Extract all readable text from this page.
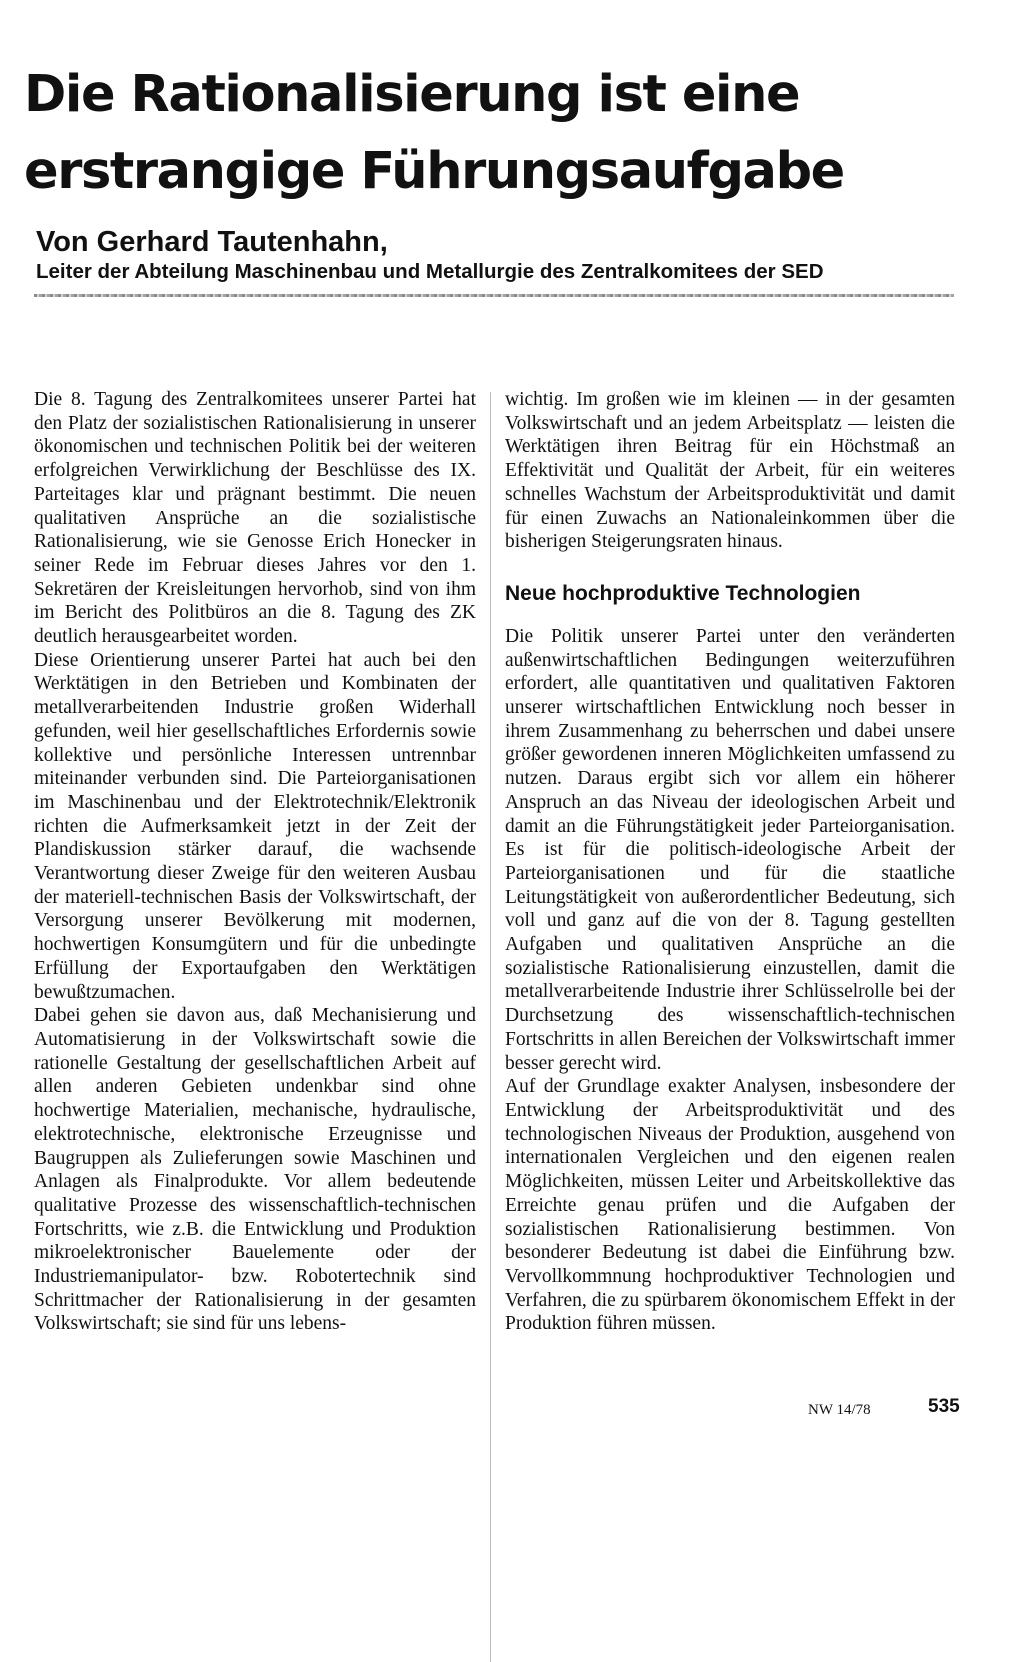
Die Rationalisierung ist eine erstrangige Führungsaufgabe
Von Gerhard Tautenhahn,
Leiter der Abteilung Maschinenbau und Metallurgie des Zentralkomitees der SED

Die 8. Tagung des Zentralkomitees unserer Partei hat den Platz der sozialistischen Rationalisierung in unserer ökonomischen und technischen Politik bei der weiteren erfolgreichen Verwirklichung der Beschlüsse des IX. Parteitages klar und prägnant bestimmt. Die neuen qualitativen Ansprüche an die sozialistische Rationalisierung, wie sie Genosse Erich Honecker in seiner Rede im Februar dieses Jahres vor den 1. Sekretären der Kreisleitungen hervorhob, sind von ihm im Bericht des Politbüros an die 8. Tagung des ZK deutlich herausgearbeitet worden.

Diese Orientierung unserer Partei hat auch bei den Werktätigen in den Betrieben und Kombinaten der metallverarbeitenden Industrie großen Widerhall gefunden, weil hier gesellschaftliches Erfordernis sowie kollektive und persönliche Interessen untrennbar miteinander verbunden sind. Die Parteiorganisationen im Maschinenbau und der Elektrotechnik/Elektronik richten die Aufmerksamkeit jetzt in der Zeit der Plandiskussion stärker darauf, die wachsende Verantwortung dieser Zweige für den weiteren Ausbau der materiell-technischen Basis der Volkswirtschaft, der Versorgung unserer Bevölkerung mit modernen, hochwertigen Konsumgütern und für die unbedingte Erfüllung der Exportaufgaben den Werktätigen bewußtzumachen.

Dabei gehen sie davon aus, daß Mechanisierung und Automatisierung in der Volkswirtschaft sowie die rationelle Gestaltung der gesellschaftlichen Arbeit auf allen anderen Gebieten undenkbar sind ohne hochwertige Materialien, mechanische, hydraulische, elektrotechnische, elektronische Erzeugnisse und Baugruppen als Zulieferungen sowie Maschinen und Anlagen als Finalprodukte. Vor allem bedeutende qualitative Prozesse des wissenschaftlich-technischen Fortschritts, wie z.B. die Entwicklung und Produktion mikroelektronischer Bauelemente oder der Industriemanipulator- bzw. Robotertechnik sind Schrittmacher der Rationalisierung in der gesamten Volkswirtschaft; sie sind für uns lebens-

wichtig. Im großen wie im kleinen — in der gesamten Volkswirtschaft und an jedem Arbeitsplatz — leisten die Werktätigen ihren Beitrag für ein Höchstmaß an Effektivität und Qualität der Arbeit, für ein weiteres schnelles Wachstum der Arbeitsproduktivität und damit für einen Zuwachs an Nationaleinkommen über die bisherigen Steigerungsraten hinaus.

Neue hochproduktive Technologien

Die Politik unserer Partei unter den veränderten außenwirtschaftlichen Bedingungen weiterzuführen erfordert, alle quantitativen und qualitativen Faktoren unserer wirtschaftlichen Entwicklung noch besser in ihrem Zusammenhang zu beherrschen und dabei unsere größer gewordenen inneren Möglichkeiten umfassend zu nutzen. Daraus ergibt sich vor allem ein höherer Anspruch an das Niveau der ideologischen Arbeit und damit an die Führungstätigkeit jeder Parteiorganisation. Es ist für die politisch-ideologische Arbeit der Parteiorganisationen und für die staatliche Leitungstätigkeit von außerordentlicher Bedeutung, sich voll und ganz auf die von der 8. Tagung gestellten Aufgaben und qualitativen Ansprüche an die sozialistische Rationalisierung einzustellen, damit die metallverarbeitende Industrie ihrer Schlüsselrolle bei der Durchsetzung des wissenschaftlich-technischen Fortschritts in allen Bereichen der Volkswirtschaft immer besser gerecht wird.

Auf der Grundlage exakter Analysen, insbesondere der Entwicklung der Arbeitsproduktivität und des technologischen Niveaus der Produktion, ausgehend von internationalen Vergleichen und den eigenen realen Möglichkeiten, müssen Leiter und Arbeitskollektive das Erreichte genau prüfen und die Aufgaben der sozialistischen Rationalisierung bestimmen. Von besonderer Bedeutung ist dabei die Einführung bzw. Vervollkommnung hochproduktiver Technologien und Verfahren, die zu spürbarem ökonomischem Effekt in der Produktion führen müssen.

NW 14/78	535
